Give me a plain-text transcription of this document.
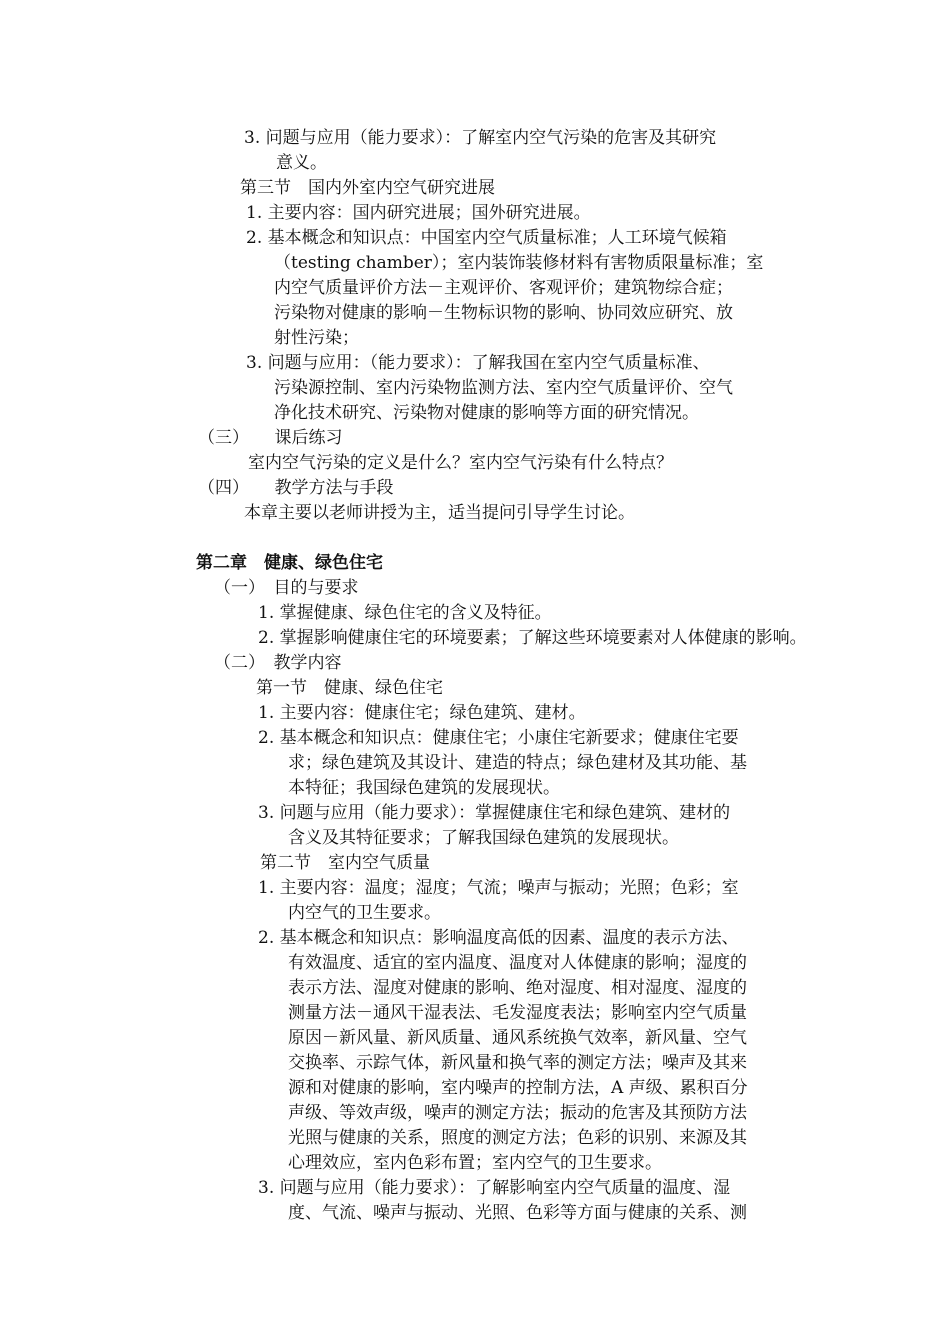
3. 问题与应用（能力要求）：了解室内空气污染的危害及其研究
意义。
第三节　国内外室内空气研究进展
1. 主要内容：国内研究进展；国外研究进展。
2. 基本概念和知识点：中国室内空气质量标准；人工环境气候箱
（testing chamber）；室内装饰装修材料有害物质限量标准；室
内空气质量评价方法－主观评价、客观评价；建筑物综合症；
污染物对健康的影响－生物标识物的影响、协同效应研究、放
射性污染；
3. 问题与应用：（能力要求）：了解我国在室内空气质量标准、
污染源控制、室内污染物监测方法、室内空气质量评价、空气
净化技术研究、污染物对健康的影响等方面的研究情况。
（三）　　课后练习
室内空气污染的定义是什么？室内空气污染有什么特点？
（四）　　教学方法与手段
本章主要以老师讲授为主，适当提问引导学生讨论。
第二章　健康、绿色住宅
（一）　目的与要求
1. 掌握健康、绿色住宅的含义及特征。
2. 掌握影响健康住宅的环境要素；了解这些环境要素对人体健康的影响。
（二）　教学内容
第一节　健康、绿色住宅
1. 主要内容：健康住宅；绿色建筑、建材。
2. 基本概念和知识点：健康住宅；小康住宅新要求；健康住宅要
求；绿色建筑及其设计、建造的特点；绿色建材及其功能、基
本特征；我国绿色建筑的发展现状。
3. 问题与应用（能力要求）：掌握健康住宅和绿色建筑、建材的
含义及其特征要求；了解我国绿色建筑的发展现状。
第二节　室内空气质量
1. 主要内容：温度；湿度；气流；噪声与振动；光照；色彩；室
内空气的卫生要求。
2. 基本概念和知识点：影响温度高低的因素、温度的表示方法、
有效温度、适宜的室内温度、温度对人体健康的影响；湿度的
表示方法、湿度对健康的影响、绝对湿度、相对湿度、湿度的
测量方法－通风干湿表法、毛发湿度表法；影响室内空气质量
原因－新风量、新风质量、通风系统换气效率，新风量、空气
交换率、示踪气体，新风量和换气率的测定方法；噪声及其来
源和对健康的影响，室内噪声的控制方法，A 声级、累积百分
声级、等效声级，噪声的测定方法；振动的危害及其预防方法
光照与健康的关系，照度的测定方法；色彩的识别、来源及其
心理效应，室内色彩布置；室内空气的卫生要求。
3. 问题与应用（能力要求）：了解影响室内空气质量的温度、湿
度、气流、噪声与振动、光照、色彩等方面与健康的关系、测
